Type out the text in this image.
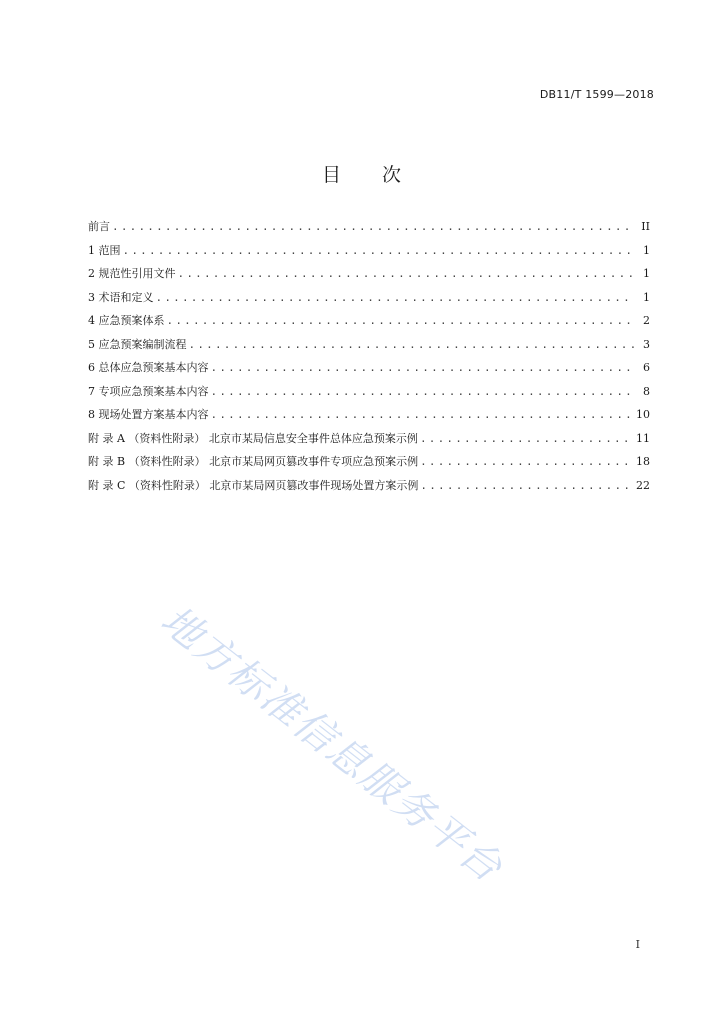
DB11/T 1599—2018
目 次
前言 .....	II
1 范围 .....	1
2 规范性引用文件 .....	1
3 术语和定义 .....	1
4 应急预案体系 .....	2
5 应急预案编制流程 .....	3
6 总体应急预案基本内容 .....	6
7 专项应急预案基本内容 .....	8
8 现场处置方案基本内容 .....	10
附 录 A （资料性附录） 北京市某局信息安全事件总体应急预案示例 .....	11
附 录 B （资料性附录） 北京市某局网页篡改事件专项应急预案示例 .....	18
附 录 C （资料性附录） 北京市某局网页篡改事件现场处置方案示例 .....	22
地方标准信息服务平台
I
